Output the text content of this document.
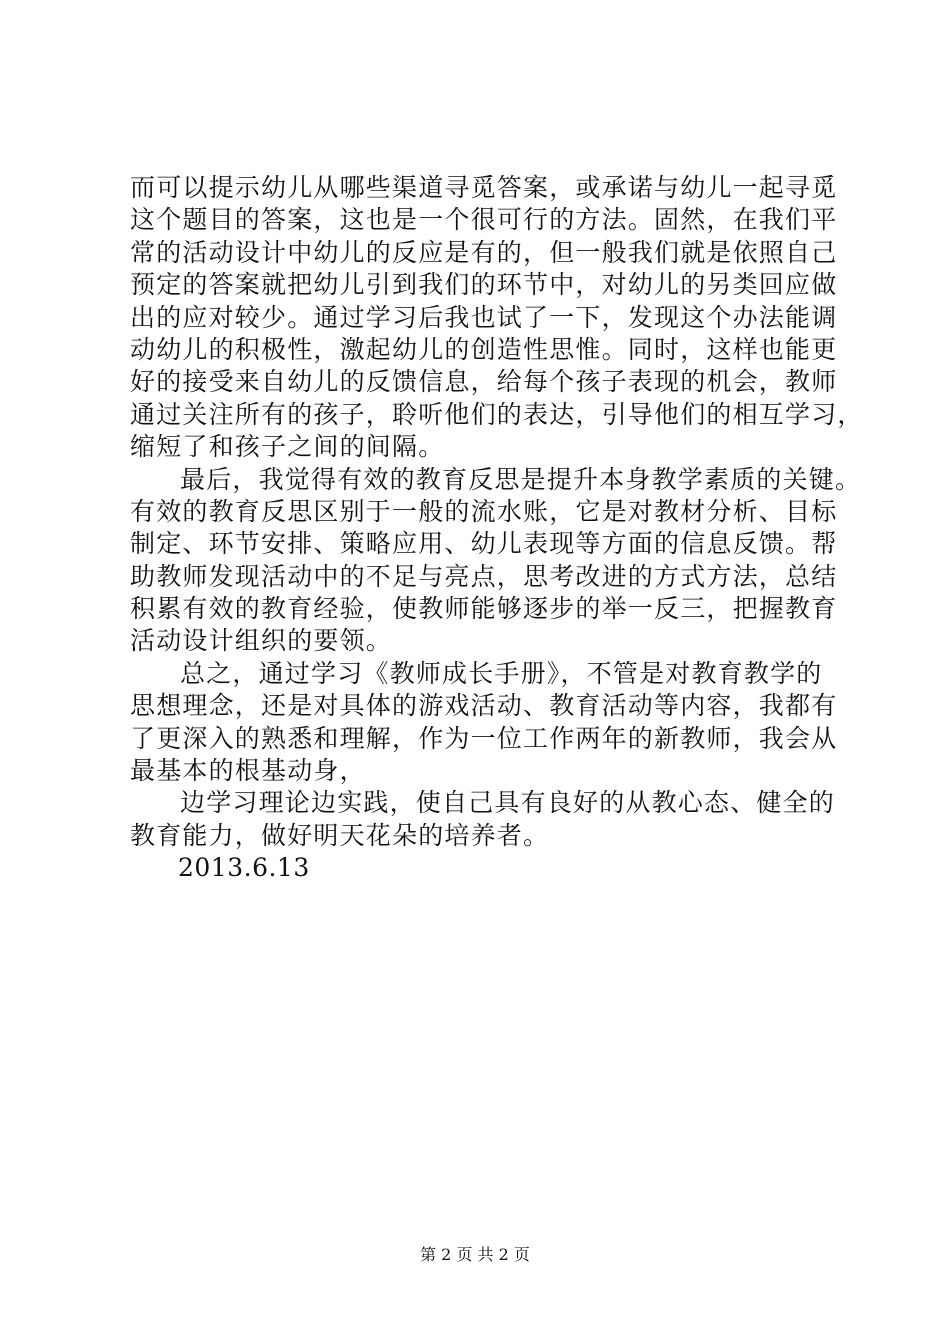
而可以提示幼儿从哪些渠道寻觅答案，或承诺与幼儿一起寻觅
这个题目的答案，这也是一个很可行的方法。固然，在我们平
常的活动设计中幼儿的反应是有的，但一般我们就是依照自己
预定的答案就把幼儿引到我们的环节中，对幼儿的另类回应做
出的应对较少。通过学习后我也试了一下，发现这个办法能调
动幼儿的积极性，激起幼儿的创造性思惟。同时，这样也能更
好的接受来自幼儿的反馈信息，给每个孩子表现的机会，教师
通过关注所有的孩子，聆听他们的表达，引导他们的相互学习，
缩短了和孩子之间的间隔。
最后，我觉得有效的教育反思是提升本身教学素质的关键。
有效的教育反思区别于一般的流水账，它是对教材分析、目标
制定、环节安排、策略应用、幼儿表现等方面的信息反馈。帮
助教师发现活动中的不足与亮点，思考改进的方式方法，总结
积累有效的教育经验，使教师能够逐步的举一反三，把握教育
活动设计组织的要领。
总之，通过学习《教师成长手册》，不管是对教育教学的
思想理念，还是对具体的游戏活动、教育活动等内容，我都有
了更深入的熟悉和理解，作为一位工作两年的新教师，我会从
最基本的根基动身，
边学习理论边实践，使自己具有良好的从教心态、健全的
教育能力，做好明天花朵的培养者。
2013.6.13
第 2 页 共 2 页
